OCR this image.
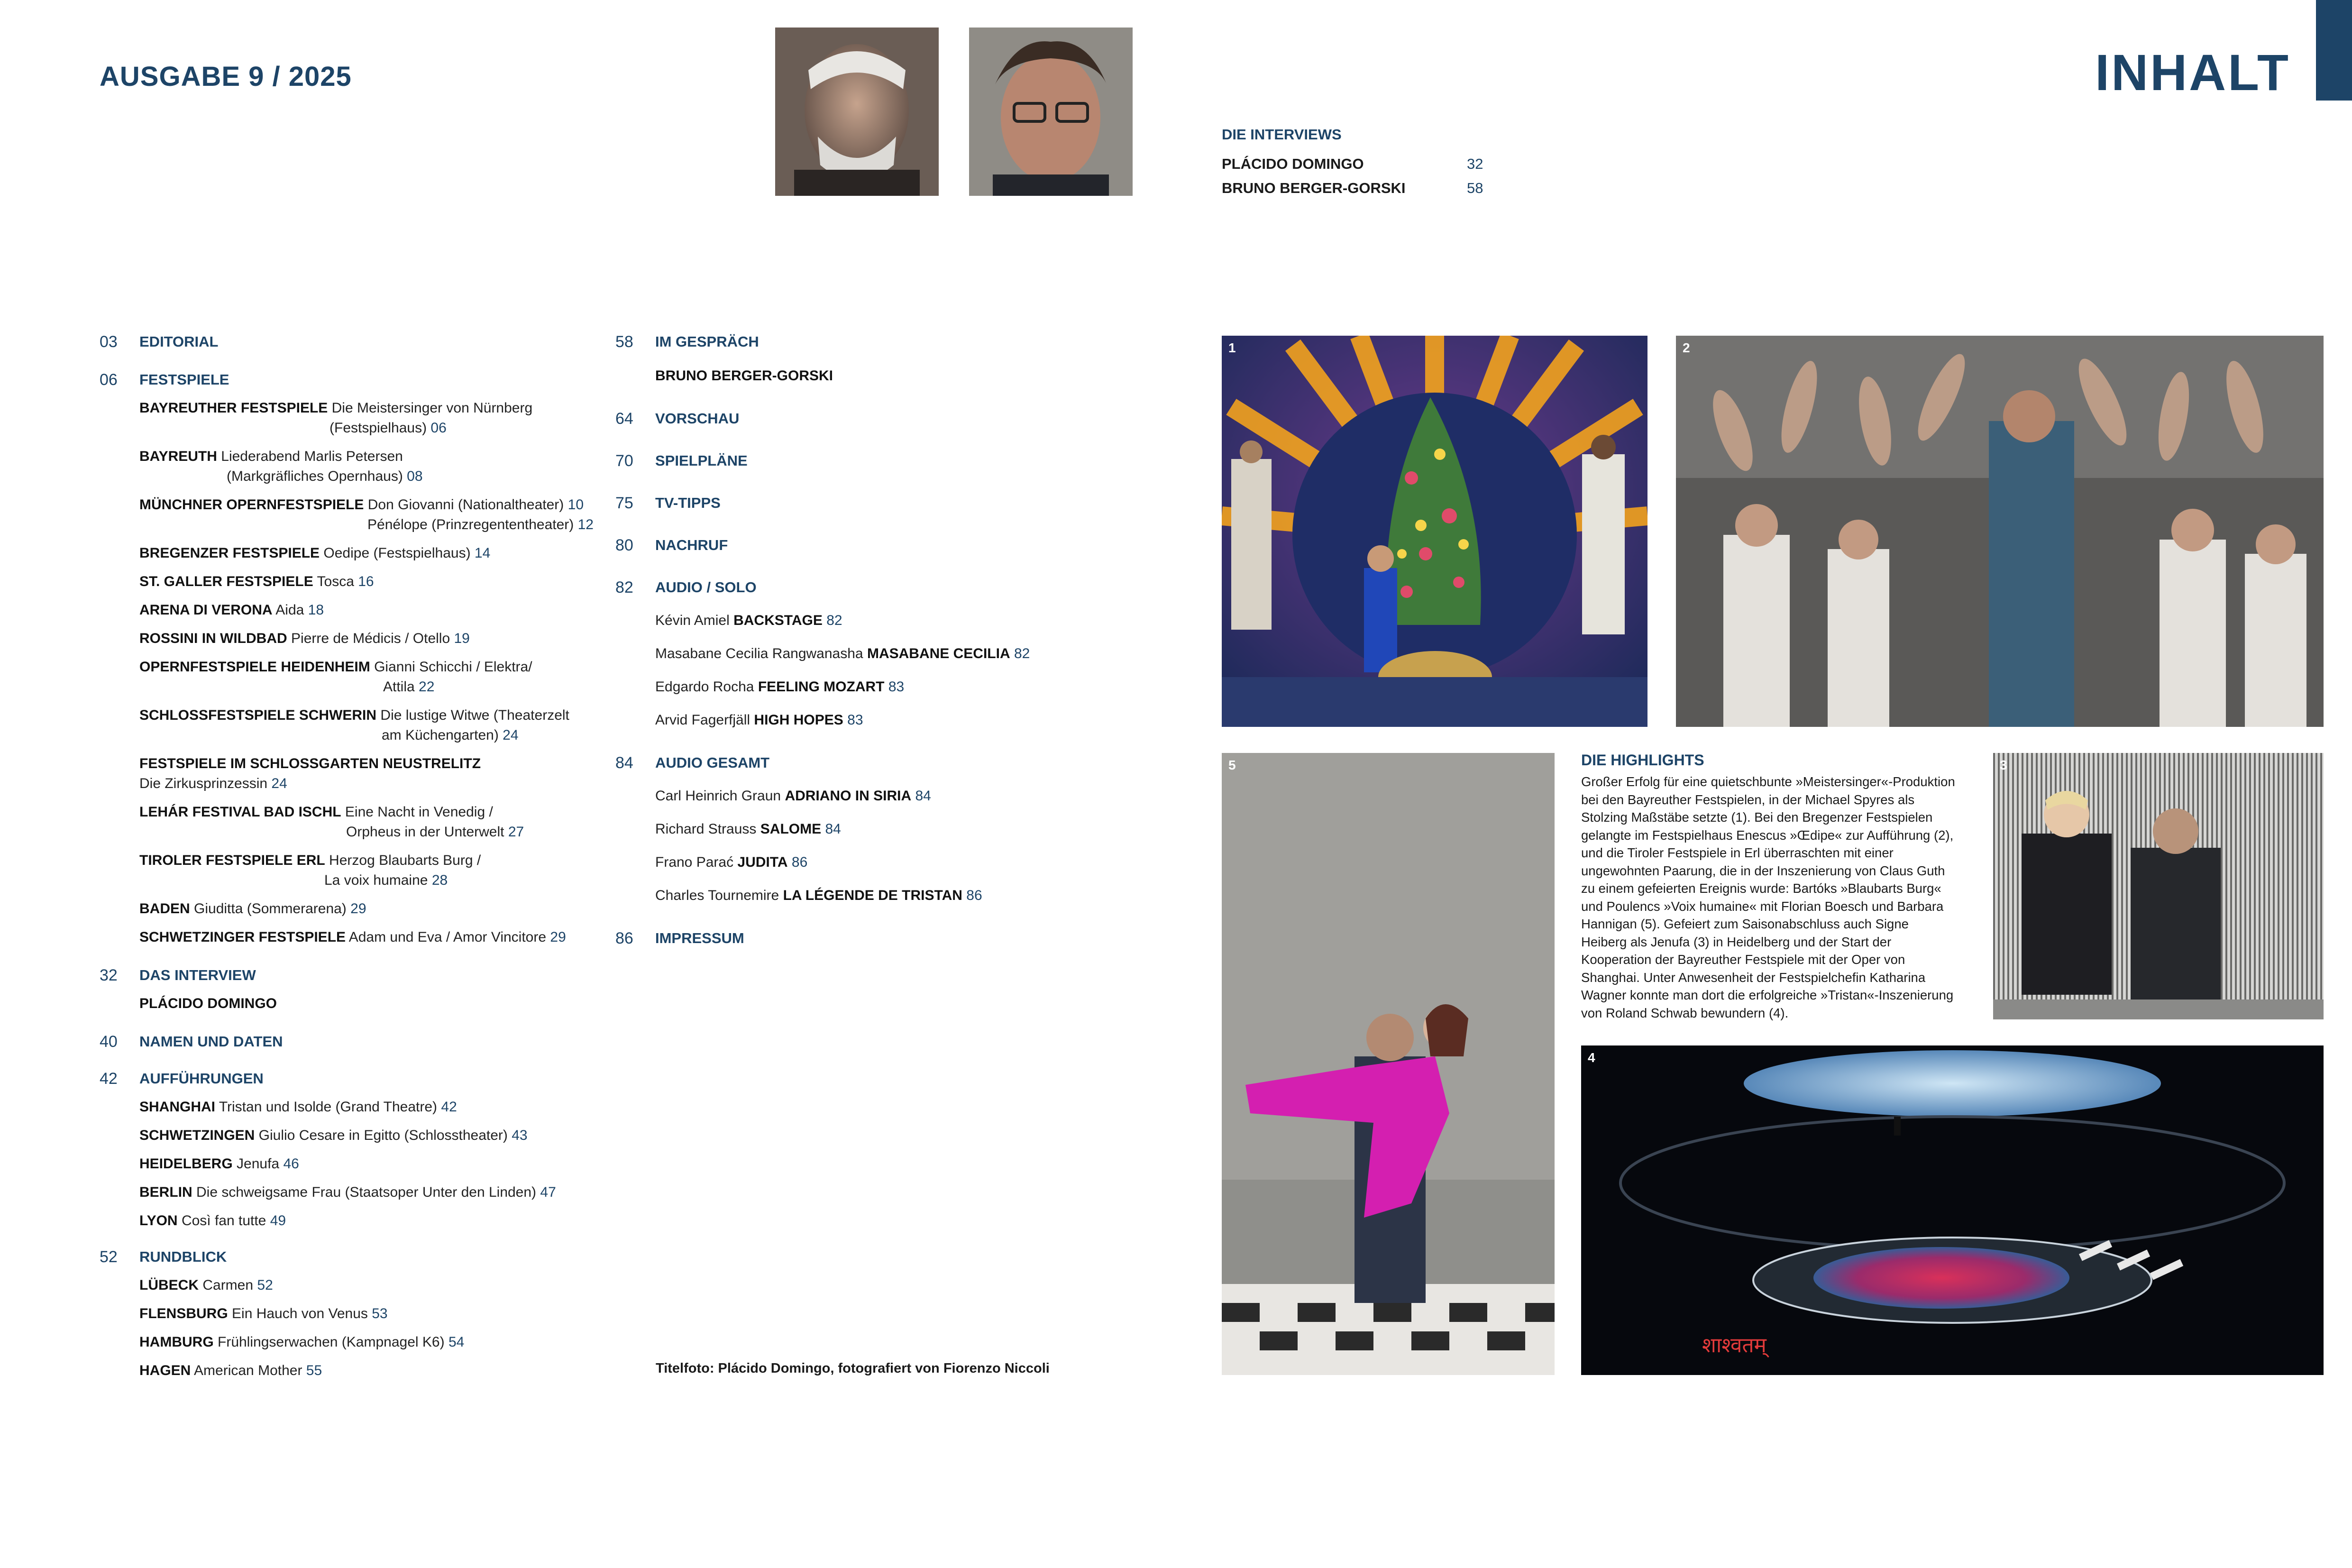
AUSGABE 9 / 2025	INHALT
DIE INTERVIEWS
PLÁCIDO DOMINGO	32
BRUNO BERGER-GORSKI	58
03 EDITORIAL
06 FESTSPIELE
BAYREUTHER FESTSPIELE Die Meistersinger von Nürnberg
(Festspielhaus) 06
BAYREUTH Liederabend Marlis Petersen
(Markgräfliches Opernhaus) 08
MÜNCHNER OPERNFESTSPIELE Don Giovanni (Nationaltheater) 10
Pénélope (Prinzregententheater) 12
BREGENZER FESTSPIELE Oedipe (Festspielhaus) 14
ST. GALLER FESTSPIELE Tosca 16
ARENA DI VERONA Aida 18
ROSSINI IN WILDBAD Pierre de Médicis / Otello 19
OPERNFESTSPIELE HEIDENHEIM Gianni Schicchi / Elektra/
Attila 22
SCHLOSSFESTSPIELE SCHWERIN Die lustige Witwe (Theaterzelt
am Küchengarten) 24
FESTSPIELE IM SCHLOSSGARTEN NEUSTRELITZ
Die Zirkusprinzessin 24
LEHÁR FESTIVAL BAD ISCHL Eine Nacht in Venedig /
Orpheus in der Unterwelt 27
TIROLER FESTSPIELE ERL Herzog Blaubarts Burg /
La voix humaine 28
BADEN Giuditta (Sommerarena) 29
SCHWETZINGER FESTSPIELE Adam und Eva / Amor Vincitore 29
32 DAS INTERVIEW
PLÁCIDO DOMINGO
40 NAMEN UND DATEN
42 AUFFÜHRUNGEN
SHANGHAI Tristan und Isolde (Grand Theatre) 42
SCHWETZINGEN Giulio Cesare in Egitto (Schlosstheater) 43
HEIDELBERG Jenufa 46
BERLIN Die schweigsame Frau (Staatsoper Unter den Linden) 47
LYON Così fan tutte 49
52 RUNDBLICK
LÜBECK Carmen 52
FLENSBURG Ein Hauch von Venus 53
HAMBURG Frühlingserwachen (Kampnagel K6) 54
HAGEN American Mother 55
58 IM GESPRÄCH
BRUNO BERGER-GORSKI
64 VORSCHAU
70 SPIELPLÄNE
75 TV-TIPPS
80 NACHRUF
82 AUDIO / SOLO
Kévin Amiel BACKSTAGE 82
Masabane Cecilia Rangwanasha MASABANE CECILIA 82
Edgardo Rocha FEELING MOZART 83
Arvid Fagerfjäll HIGH HOPES 83
84 AUDIO GESAMT
Carl Heinrich Graun ADRIANO IN SIRIA 84
Richard Strauss SALOME 84
Frano Parać JUDITA 86
Charles Tournemire LA LÉGENDE DE TRISTAN 86
86 IMPRESSUM
Titelfoto: Plácido Domingo, fotografiert von Fiorenzo Niccoli
1	2
5	DIE HIGHLIGHTS
Großer Erfolg für eine quietschbunte »Meistersinger«-Produktion bei den Bayreuther Festspielen, in der Michael Spyres als Stolzing Maßstäbe setzte (1). Bei den Bregenzer Festspielen gelangte im Festspielhaus Enescus »Œdipe« zur Aufführung (2), und die Tiroler Festspiele in Erl überraschten mit einer ungewohnten Paarung, die in der Inszenierung von Claus Guth zu einem gefeierten Ereignis wurde: Bartóks »Blaubarts Burg« und Poulencs »Voix humaine« mit Florian Boesch und Barbara Hannigan (5). Gefeiert zum Saisonabschluss auch Signe Heiberg als Jenufa (3) in Heidelberg und der Start der Kooperation der Bayreuther Festspiele mit der Oper von Shanghai. Unter Anwesenheit der Festspielchefin Katharina Wagner konnte man dort die erfolgreiche »Tristan«-Inszenierung von Roland Schwab bewundern (4).
3
4
शाश्वतम्
